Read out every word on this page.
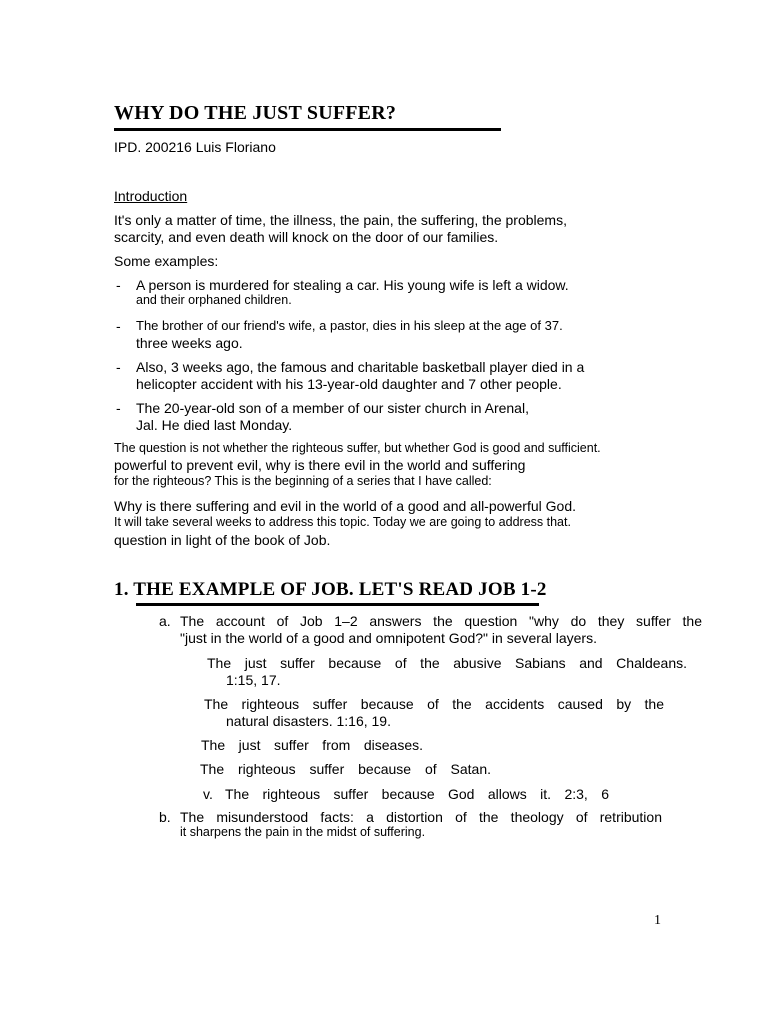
WHY DO THE JUST SUFFER?
IPD. 200216 Luis Floriano
Introduction
It's only a matter of time, the illness, the pain, the suffering, the problems,
scarcity, and even death will knock on the door of our families.
Some examples:
- A person is murdered for stealing a car. His young wife is left a widow.
and their orphaned children.
- The brother of our friend's wife, a pastor, dies in his sleep at the age of 37.
three weeks ago.
- Also, 3 weeks ago, the famous and charitable basketball player died in a
helicopter accident with his 13-year-old daughter and 7 other people.
- The 20-year-old son of a member of our sister church in Arenal,
Jal. He died last Monday.
The question is not whether the righteous suffer, but whether God is good and sufficient.
powerful to prevent evil, why is there evil in the world and suffering
for the righteous? This is the beginning of a series that I have called:
Why is there suffering and evil in the world of a good and all-powerful God.
It will take several weeks to address this topic. Today we are going to address that.
question in light of the book of Job.
1. THE EXAMPLE OF JOB. LET'S READ JOB 1-2
a. The account of Job 1–2 answers the question "why do they suffer the
"just in the world of a good and omnipotent God?" in several layers.
The just suffer because of the abusive Sabians and Chaldeans.
1:15, 17.
The righteous suffer because of the accidents caused by the
natural disasters. 1:16, 19.
The just suffer from diseases.
The righteous suffer because of Satan.
v. The righteous suffer because God allows it. 2:3, 6
b. The misunderstood facts: a distortion of the theology of retribution
it sharpens the pain in the midst of suffering.
1
